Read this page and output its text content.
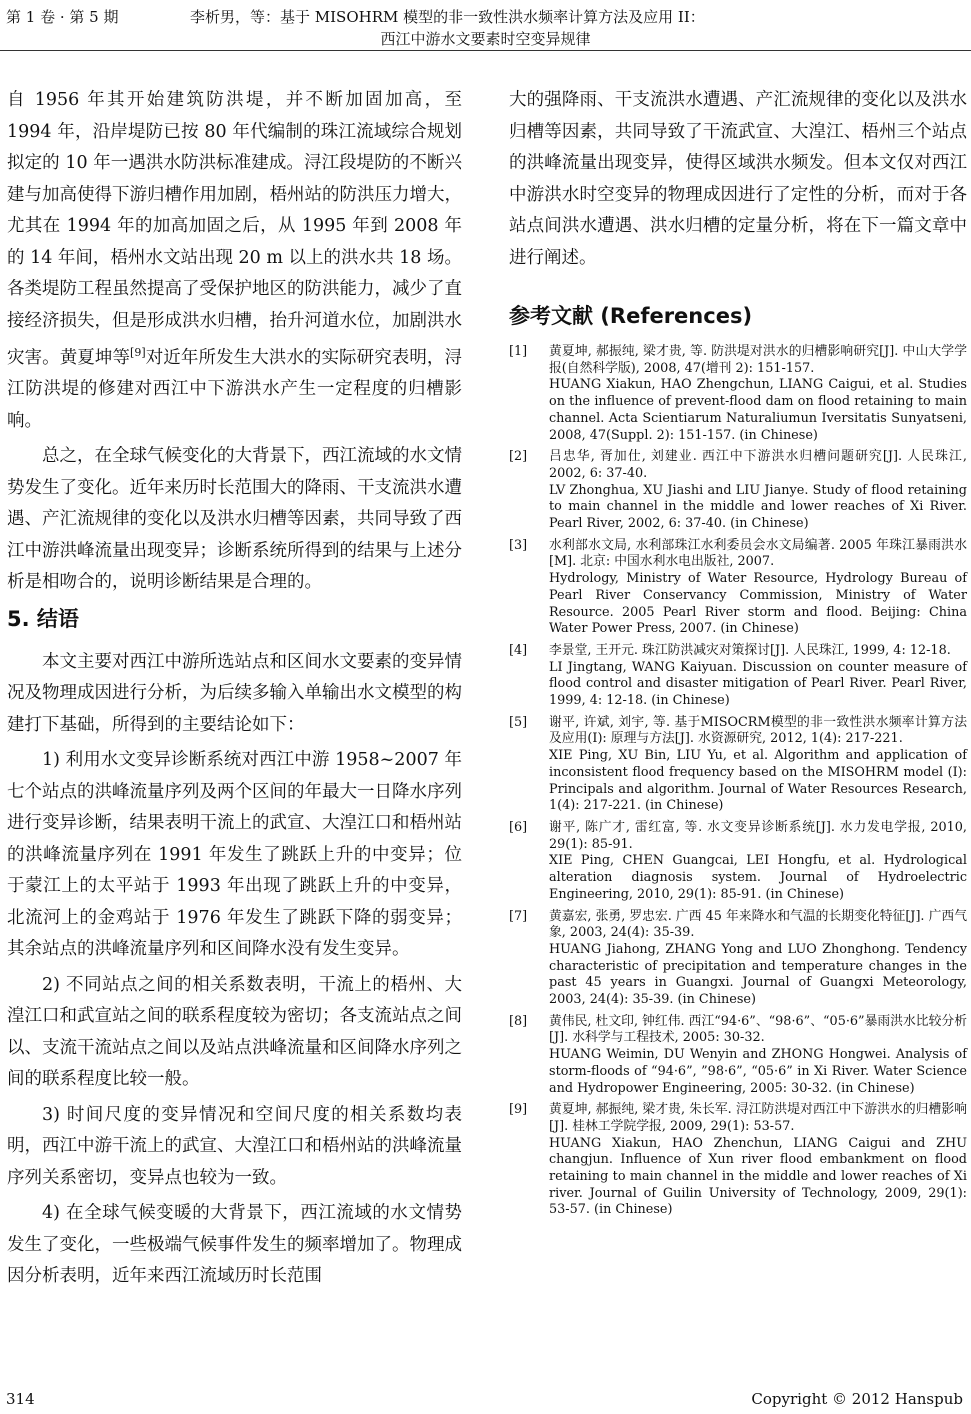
第 1 卷 · 第 5 期	李析男，等：基于 MISOHRM 模型的非一致性洪水频率计算方法及应用 II：
西江中游水文要素时空变异规律

自 1956 年其开始建筑防洪堤，并不断加固加高，至 1994 年，沿岸堤防已按 80 年代编制的珠江流域综合规划拟定的 10 年一遇洪水防洪标准建成。浔江段堤防的不断兴建与加高使得下游归槽作用加剧，梧州站的防洪压力增大，尤其在 1994 年的加高加固之后，从 1995 年到 2008 年的 14 年间，梧州水文站出现 20 m 以上的洪水共 18 场。各类堤防工程虽然提高了受保护地区的防洪能力，减少了直接经济损失，但是形成洪水归槽，抬升河道水位，加剧洪水灾害。黄夏坤等[9]对近年所发生大洪水的实际研究表明，浔江防洪堤的修建对西江中下游洪水产生一定程度的归槽影响。

总之，在全球气候变化的大背景下，西江流域的水文情势发生了变化。近年来历时长范围大的降雨、干支流洪水遭遇、产汇流规律的变化以及洪水归槽等因素，共同导致了西江中游洪峰流量出现变异；诊断系统所得到的结果与上述分析是相吻合的，说明诊断结果是合理的。

5. 结语

本文主要对西江中游所选站点和区间水文要素的变异情况及物理成因进行分析，为后续多输入单输出水文模型的构建打下基础，所得到的主要结论如下：

1) 利用水文变异诊断系统对西江中游 1958~2007 年七个站点的洪峰流量序列及两个区间的年最大一日降水序列进行变异诊断，结果表明干流上的武宣、大湟江口和梧州站的洪峰流量序列在 1991 年发生了跳跃上升的中变异；位于蒙江上的太平站于 1993 年出现了跳跃上升的中变异，北流河上的金鸡站于 1976 年发生了跳跃下降的弱变异；其余站点的洪峰流量序列和区间降水没有发生变异。

2) 不同站点之间的相关系数表明，干流上的梧州、大湟江口和武宣站之间的联系程度较为密切；各支流站点之间以、支流干流站点之间以及站点洪峰流量和区间降水序列之间的联系程度比较一般。

3) 时间尺度的变异情况和空间尺度的相关系数均表明，西江中游干流上的武宣、大湟江口和梧州站的洪峰流量序列关系密切，变异点也较为一致。

4) 在全球气候变暖的大背景下，西江流域的水文情势发生了变化，一些极端气候事件发生的频率增加了。物理成因分析表明，近年来西江流域历时长范围

大的强降雨、干支流洪水遭遇、产汇流规律的变化以及洪水归槽等因素，共同导致了干流武宣、大湟江、梧州三个站点的洪峰流量出现变异，使得区域洪水频发。但本文仅对西江中游洪水时空变异的物理成因进行了定性的分析，而对于各站点间洪水遭遇、洪水归槽的定量分析，将在下一篇文章中进行阐述。

参考文献 (References)
[1]	黄夏坤, 郝振纯, 梁才贵, 等. 防洪堤对洪水的归槽影响研究[J]. 中山大学学报(自然科学版), 2008, 47(增刊 2): 151-157.
HUANG Xiakun, HAO Zhengchun, LIANG Caigui, et al. Studies on the influence of prevent-flood dam on flood retaining to main channel. Acta Scientiarum Naturaliumun Iversitatis Sunyatseni, 2008, 47(Suppl. 2): 151-157. (in Chinese)
[2]	吕忠华, 胥加仕, 刘建业. 西江中下游洪水归槽问题研究[J]. 人民珠江, 2002, 6: 37-40.
LV Zhonghua, XU Jiashi and LIU Jianye. Study of flood retaining to main channel in the middle and lower reaches of Xi River. Pearl River, 2002, 6: 37-40. (in Chinese)
[3]	水利部水文局, 水利部珠江水利委员会水文局编著. 2005 年珠江暴雨洪水[M]. 北京: 中国水利水电出版社, 2007.
Hydrology, Ministry of Water Resource, Hydrology Bureau of Pearl River Conservancy Commission, Ministry of Water Resource. 2005 Pearl River storm and flood. Beijing: China Water Power Press, 2007. (in Chinese)
[4]	李景堂, 王开元. 珠江防洪减灾对策探讨[J]. 人民珠江, 1999, 4: 12-18.
LI Jingtang, WANG Kaiyuan. Discussion on counter measure of flood control and disaster mitigation of Pearl River. Pearl River, 1999, 4: 12-18. (in Chinese)
[5]	谢平, 许斌, 刘宇, 等. 基于MISOCRM模型的非一致性洪水频率计算方法及应用(I): 原理与方法[J]. 水资源研究, 2012, 1(4): 217-221.
XIE Ping, XU Bin, LIU Yu, et al. Algorithm and application of inconsistent flood frequency based on the MISOHRM model (I): Principals and algorithm. Journal of Water Resources Research, 1(4): 217-221. (in Chinese)
[6]	谢平, 陈广才, 雷红富, 等. 水文变异诊断系统[J]. 水力发电学报, 2010, 29(1): 85-91.
XIE Ping, CHEN Guangcai, LEI Hongfu, et al. Hydrological alteration diagnosis system. Journal of Hydroelectric Engineering, 2010, 29(1): 85-91. (in Chinese)
[7]	黄嘉宏, 张勇, 罗忠宏. 广西 45 年来降水和气温的长期变化特征[J]. 广西气象, 2003, 24(4): 35-39.
HUANG Jiahong, ZHANG Yong and LUO Zhonghong. Tendency characteristic of precipitation and temperature changes in the past 45 years in Guangxi. Journal of Guangxi Meteorology, 2003, 24(4): 35-39. (in Chinese)
[8]	黄伟民, 杜文印, 钟红伟. 西江“94·6”、“98·6”、“05·6”暴雨洪水比较分析[J]. 水科学与工程技术, 2005: 30-32.
HUANG Weimin, DU Wenyin and ZHONG Hongwei. Analysis of storm-floods of “94·6”, ”98·6”, “05·6” in Xi River. Water Science and Hydropower Engineering, 2005: 30-32. (in Chinese)
[9]	黄夏坤, 郝振纯, 梁才贵, 朱长军. 浔江防洪堤对西江中下游洪水的归槽影响[J]. 桂林工学院学报, 2009, 29(1): 53-57.
HUANG Xiakun, HAO Zhenchun, LIANG Caigui and ZHU changjun. Influence of Xun river flood embankment on flood retaining to main channel in the middle and lower reaches of Xi river. Journal of Guilin University of Technology, 2009, 29(1): 53-57. (in Chinese)
314	Copyright © 2012 Hanspub
